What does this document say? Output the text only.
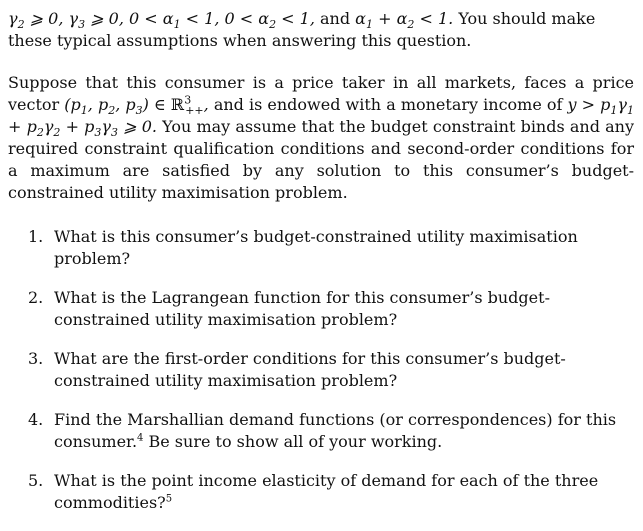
$\gamma_2$ ⩾ 0, $\gamma_3$ ⩾ 0, $0 < \alpha_1 < 1$, $0 < \alpha_2 < 1$, and $\alpha_1 + \alpha_2 < 1$. You should make these typical assumptions when answering this question.

Suppose that this consumer is a price taker in all markets, faces a price vector ($p_1$, $p_2$, $p_3$) ∈ ℝ$^3_{++}$, and is endowed with a monetary income of $y > p_1\gamma_1 + p_2\gamma_2 + p_3\gamma_3$ ⩾ 0. You may assume that the budget constraint binds and any required constraint qualification conditions and second-order conditions for a maximum are satisfied by any solution to this consumer’s budget-constrained utility maximisation problem.

1. What is this consumer’s budget-constrained utility maximisation problem?
2. What is the Lagrangean function for this consumer’s budget-constrained utility maximisation problem?
3. What are the first-order conditions for this consumer’s budget-constrained utility maximisation problem?
4. Find the Marshallian demand functions (or correspondences) for this consumer.$^4$ Be sure to show all of your working.
5. What is the point income elasticity of demand for each of the three commodities?$^5$
